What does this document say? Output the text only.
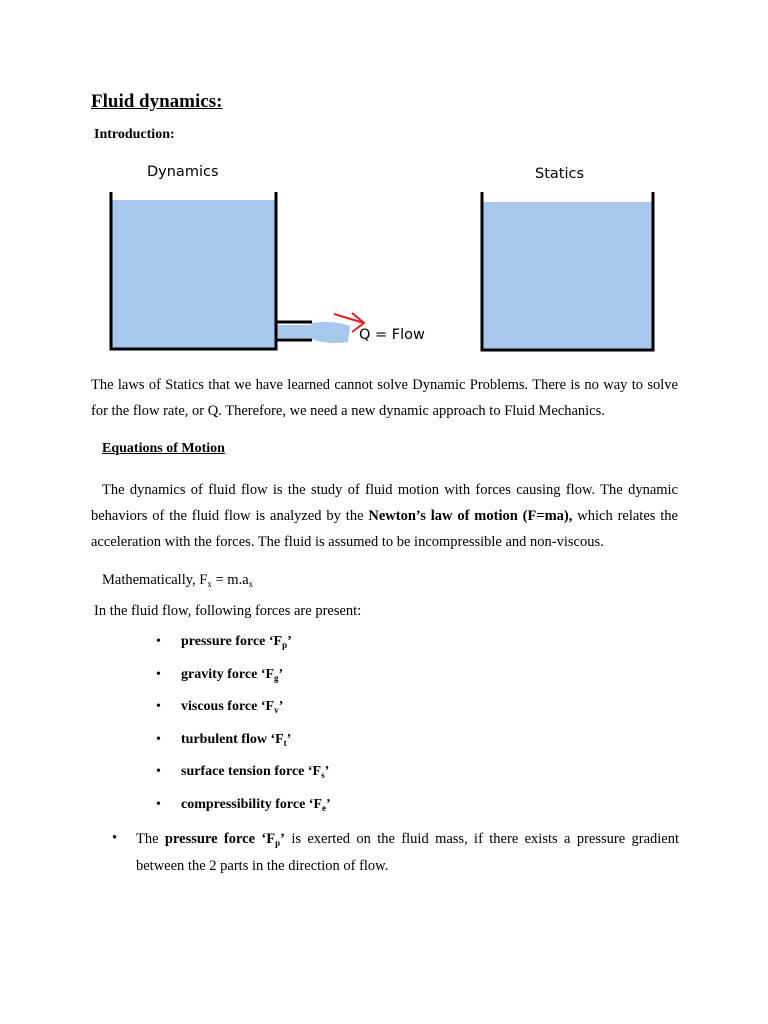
Fluid dynamics:
Introduction:
Dynamics	Statics
Q = Flow
The laws of Statics that we have learned cannot solve Dynamic Problems. There is no way to solve for the flow rate, or Q. Therefore, we need a new dynamic approach to Fluid Mechanics.
Equations of Motion
The dynamics of fluid flow is the study of fluid motion with forces causing flow. The dynamic behaviors of the fluid flow is analyzed by the Newton’s law of motion (F=ma), which relates the acceleration with the forces. The fluid is assumed to be incompressible and non-viscous.
Mathematically, $F_x = m.a_x$
In the fluid flow, following forces are present:
• pressure force ‘$F_p$’
• gravity force ‘$F_g$’
• viscous force ‘$F_v$’
• turbulent flow ‘$F_t$’
• surface tension force ‘$F_s$’
• compressibility force ‘$F_e$’
• The pressure force ‘$F_p$’ is exerted on the fluid mass, if there exists a pressure gradient between the 2 parts in the direction of flow.
